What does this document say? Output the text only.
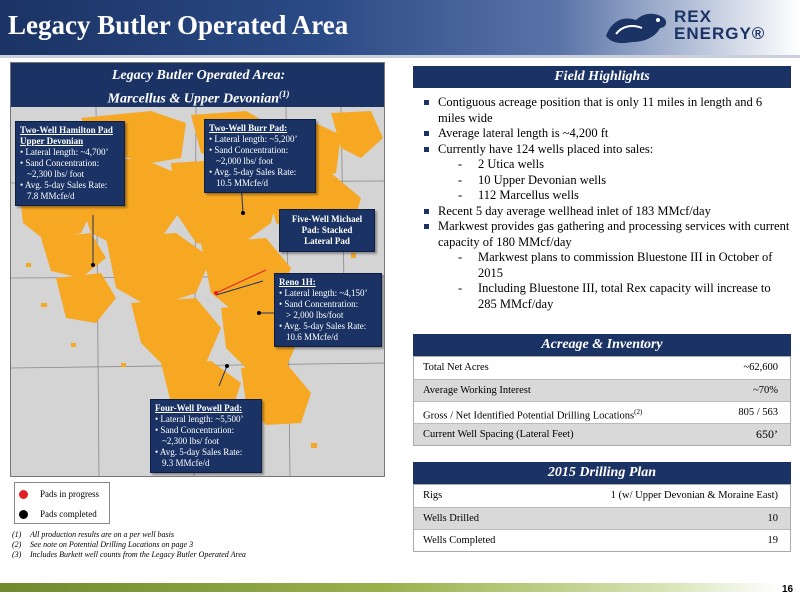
Legacy Butler Operated Area	REX
ENERGY®
Legacy Butler Operated Area:
Marcellus & Upper Devonian$^{(1)}$
Two-Well Hamilton Pad
Upper Devonian
• Lateral length: ~4,700’
• Sand Concentration:
~2,300 lbs/ foot
• Avg. 5-day Sales Rate:
7.8 MMcfe/d
Two-Well Burr Pad:
• Lateral length: ~5,200’
• Sand Concentration:
~2,000 lbs/ foot
• Avg. 5-day Sales Rate:
10.5 MMcfe/d
Five-Well Michael
Pad: Stacked
Lateral Pad
Reno 1H:
• Lateral length: ~4,150’
• Sand Concentration:
> 2,000 lbs/foot
• Avg. 5-day Sales Rate:
10.6 MMcfe/d
Four-Well Powell Pad:
• Lateral length: ~5,500’
• Sand Concentration:
~2,300 lbs/ foot
• Avg. 5-day Sales Rate:
9.3 MMcfe/d
Pads in progress
Pads completed
(1) All production results are on a per well basis
(2) See note on Potential Drilling Locations on page 3
(3) Includes Burkett well counts from the Legacy Butler Operated Area
Field Highlights
Contiguous acreage position that is only 11 miles in length and 6 miles wide
Average lateral length is ~4,200 ft
Currently have 124 wells placed into sales:
- 2 Utica wells
- 10 Upper Devonian wells
- 112 Marcellus wells
Recent 5 day average wellhead inlet of 183 MMcf/day
Markwest provides gas gathering and processing services with current capacity of 180 MMcf/day
- Markwest plans to commission Bluestone III in October of 2015
- Including Bluestone III, total Rex capacity will increase to 285 MMcf/day
Acreage & Inventory
Total Net Acres	~62,600
Average Working Interest	~70%
Gross / Net Identified Potential Drilling Locations$^{(2)}$	805 / 563
Current Well Spacing (Lateral Feet)	650’
2015 Drilling Plan
Rigs	1 (w/ Upper Devonian & Moraine East)
Wells Drilled	10
Wells Completed	19
16
